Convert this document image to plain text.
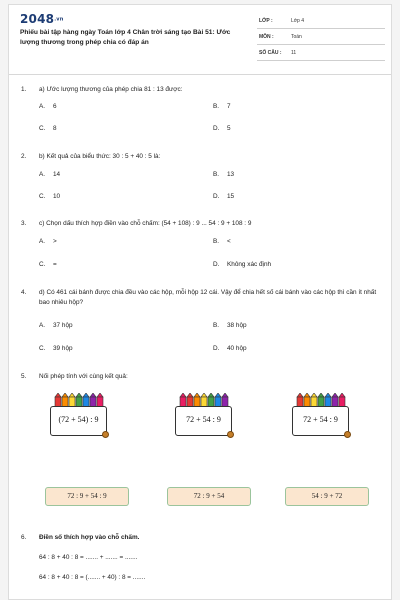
2048.vn
Phiếu bài tập hàng ngày Toán lớp 4 Chân trời sáng tạo Bài 51: Ước lượng thương trong phép chia có đáp án
LỚP :	Lớp 4
MÔN :	Toán
SỐ CÂU : 11
1. a) Ước lượng thương của phép chia 81 : 13 được:
A. 6	B. 7
C. 8	D. 5
2. b) Kết quả của biểu thức: 30 : 5 + 40 : 5 là:
A. 14	B. 13
C. 10	D. 15
3. c) Chọn dấu thích hợp điền vào chỗ chấm: (54 + 108) : 9 ... 54 : 9 + 108 : 9
A. >	B. <
C. =	D. Không xác định
4. d) Có 461 cái bánh được chia đều vào các hộp, mỗi hộp 12 cái. Vậy để chia hết số cái bánh vào các hộp thì cần ít nhất bao nhiêu hộp?
A. 37 hộp	B. 38 hộp
C. 39 hộp	D. 40 hộp
5. Nối phép tính với cùng kết quả:
(72 + 54) : 9	72 + 54 : 9	72 + 54 : 9
72 : 9 + 54 : 9	72 : 9 + 54	54 : 9 + 72
6. Điền số thích hợp vào chỗ chấm.
64 : 8 + 40 : 8 = ....... + ....... = .......
64 : 8 + 40 : 8 = (....... + 40) : 8 = .......
